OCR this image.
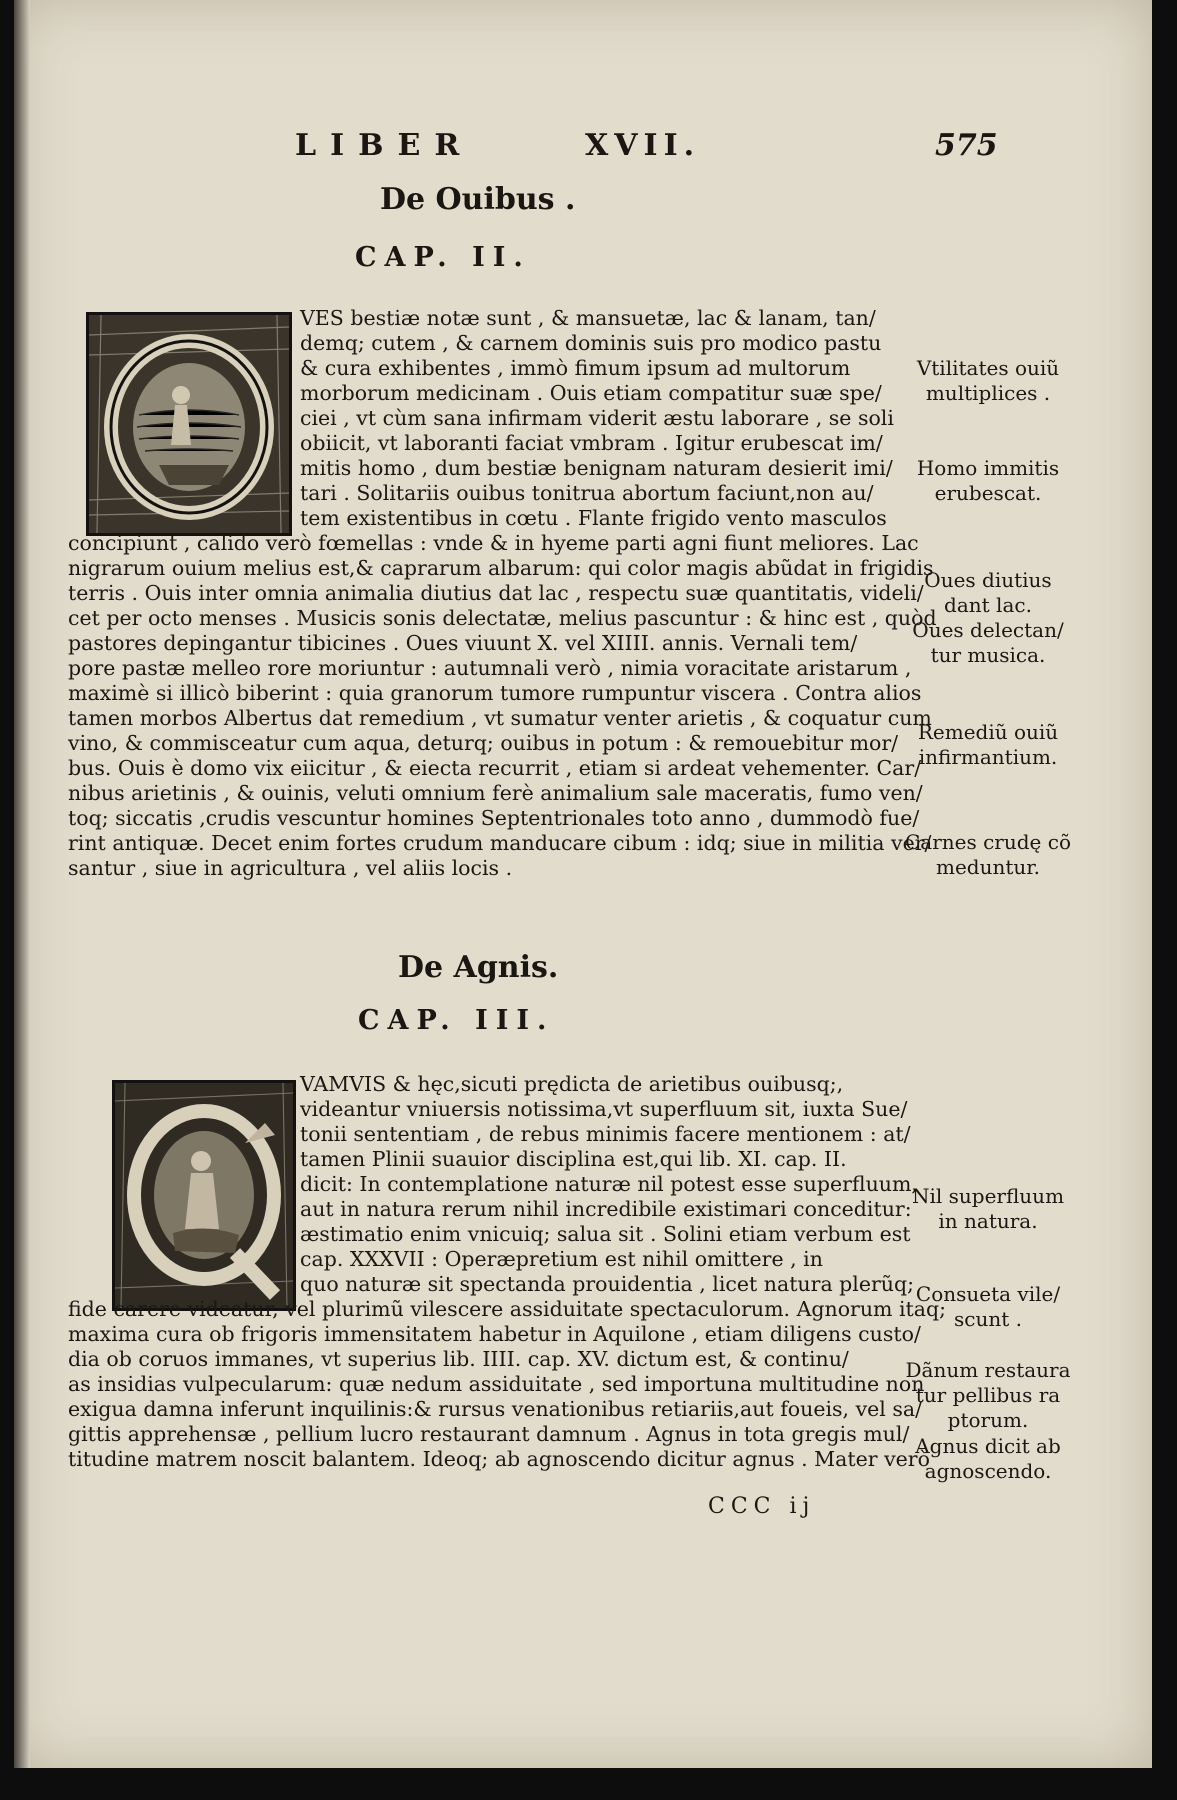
LIBER	XVII.	575
De Ouibus .
CAP. II.
VES bestiæ notæ sunt , & mansuetæ, lac & lanam, tan/
demq; cutem , & carnem dominis suis pro modico pastu
& cura exhibentes , immò fimum ipsum ad multorum
morborum medicinam . Ouis etiam compatitur suæ spe/
ciei , vt cùm sana infirmam viderit æstu laborare , se soli
obiicit, vt laboranti faciat vmbram . Igitur erubescat im/
mitis homo , dum bestiæ benignam naturam desierit imi/
tari . Solitariis ouibus tonitrua abortum faciunt,non au/
tem existentibus in cœtu . Flante frigido vento masculos
concipiunt , calido verò fœmellas : vnde & in hyeme parti agni fiunt meliores. Lac
nigrarum ouium melius est,& caprarum albarum: qui color magis abũdat in frigidis
terris . Ouis inter omnia animalia diutius dat lac , respectu suæ quantitatis, videli/
cet per octo menses . Musicis sonis delectatæ, melius pascuntur : & hinc est , quòd
pastores depingantur tibicines . Oues viuunt X. vel XIIII. annis. Vernali tem/
pore pastæ melleo rore moriuntur : autumnali verò , nimia voracitate aristarum ,
maximè si illicò biberint : quia granorum tumore rumpuntur viscera . Contra alios
tamen morbos Albertus dat remedium , vt sumatur venter arietis , & coquatur cum
vino, & commisceatur cum aqua, deturq; ouibus in potum : & remouebitur mor/
bus. Ouis è domo vix eiicitur , & eiecta recurrit , etiam si ardeat vehementer. Car/
nibus arietinis , & ouinis, veluti omnium ferè animalium sale maceratis, fumo ven/
toq; siccatis ,crudis vescuntur homines Septentrionales toto anno , dummodò fue/
rint antiquæ. Decet enim fortes crudum manducare cibum : idq; siue in militia ver/
santur , siue in agricultura , vel aliis locis .
Vtilitates ouiũ
multiplices .
Homo immitis
erubescat.
Oues diutius
dant lac.
Oues delectan/
tur musica.
Remediũ ouiũ
infirmantium.
Carnes crudę cõ
meduntur.
De Agnis.
CAP. III.
VAMVIS & hęc,sicuti prędicta de arietibus ouibusq;,
videantur vniuersis notissima,vt superfluum sit, iuxta Sue/
tonii sententiam , de rebus minimis facere mentionem : at/
tamen Plinii suauior disciplina est,qui lib. XI. cap. II.
dicit: In contemplatione naturæ nil potest esse superfluum,
aut in natura rerum nihil incredibile existimari conceditur:
æstimatio enim vnicuiq; salua sit . Solini etiam verbum est
cap. XXXVII : Operæpretium est nihil omittere , in
quo naturæ sit spectanda prouidentia , licet natura plerũq;
fide carere videatur, vel plurimũ vilescere assiduitate spectaculorum. Agnorum itaq;
maxima cura ob frigoris immensitatem habetur in Aquilone , etiam diligens custo/
dia ob coruos immanes, vt superius lib. IIII. cap. XV. dictum est, & continu/
as insidias vulpecularum: quæ nedum assiduitate , sed importuna multitudine non
exigua damna inferunt inquilinis:& rursus venationibus retiariis,aut foueis, vel sa/
gittis apprehensæ , pellium lucro restaurant damnum . Agnus in tota gregis mul/
titudine matrem noscit balantem. Ideoq; ab agnoscendo dicitur agnus . Mater verò
Nil superfluum
in natura.
Consueta vile/
scunt .
Dãnum restaura
tur pellibus ra
ptorum.
Agnus dicit ab
agnoscendo.
CCC ij
